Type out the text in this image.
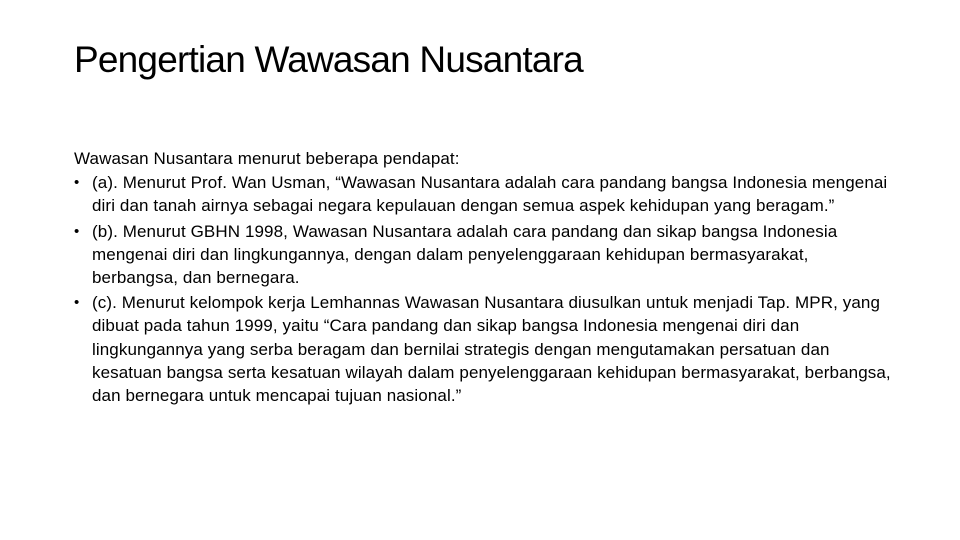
Pengertian Wawasan Nusantara

Wawasan Nusantara menurut beberapa pendapat:

• (a). Menurut Prof. Wan Usman, “Wawasan Nusantara adalah cara pandang bangsa Indonesia mengenai diri dan tanah airnya sebagai negara kepulauan dengan semua aspek kehidupan yang beragam.”
• (b). Menurut GBHN 1998, Wawasan Nusantara adalah cara pandang dan sikap bangsa Indonesia mengenai diri dan lingkungannya, dengan dalam penyelenggaraan kehidupan bermasyarakat, berbangsa, dan bernegara.
• (c). Menurut kelompok kerja Lemhannas Wawasan Nusantara diusulkan untuk menjadi Tap. MPR, yang dibuat pada tahun 1999, yaitu “Cara pandang dan sikap bangsa Indonesia mengenai diri dan lingkungannya yang serba beragam dan bernilai strategis dengan mengutamakan persatuan dan kesatuan bangsa serta kesatuan wilayah dalam penyelenggaraan kehidupan bermasyarakat, berbangsa, dan bernegara untuk mencapai tujuan nasional.”
